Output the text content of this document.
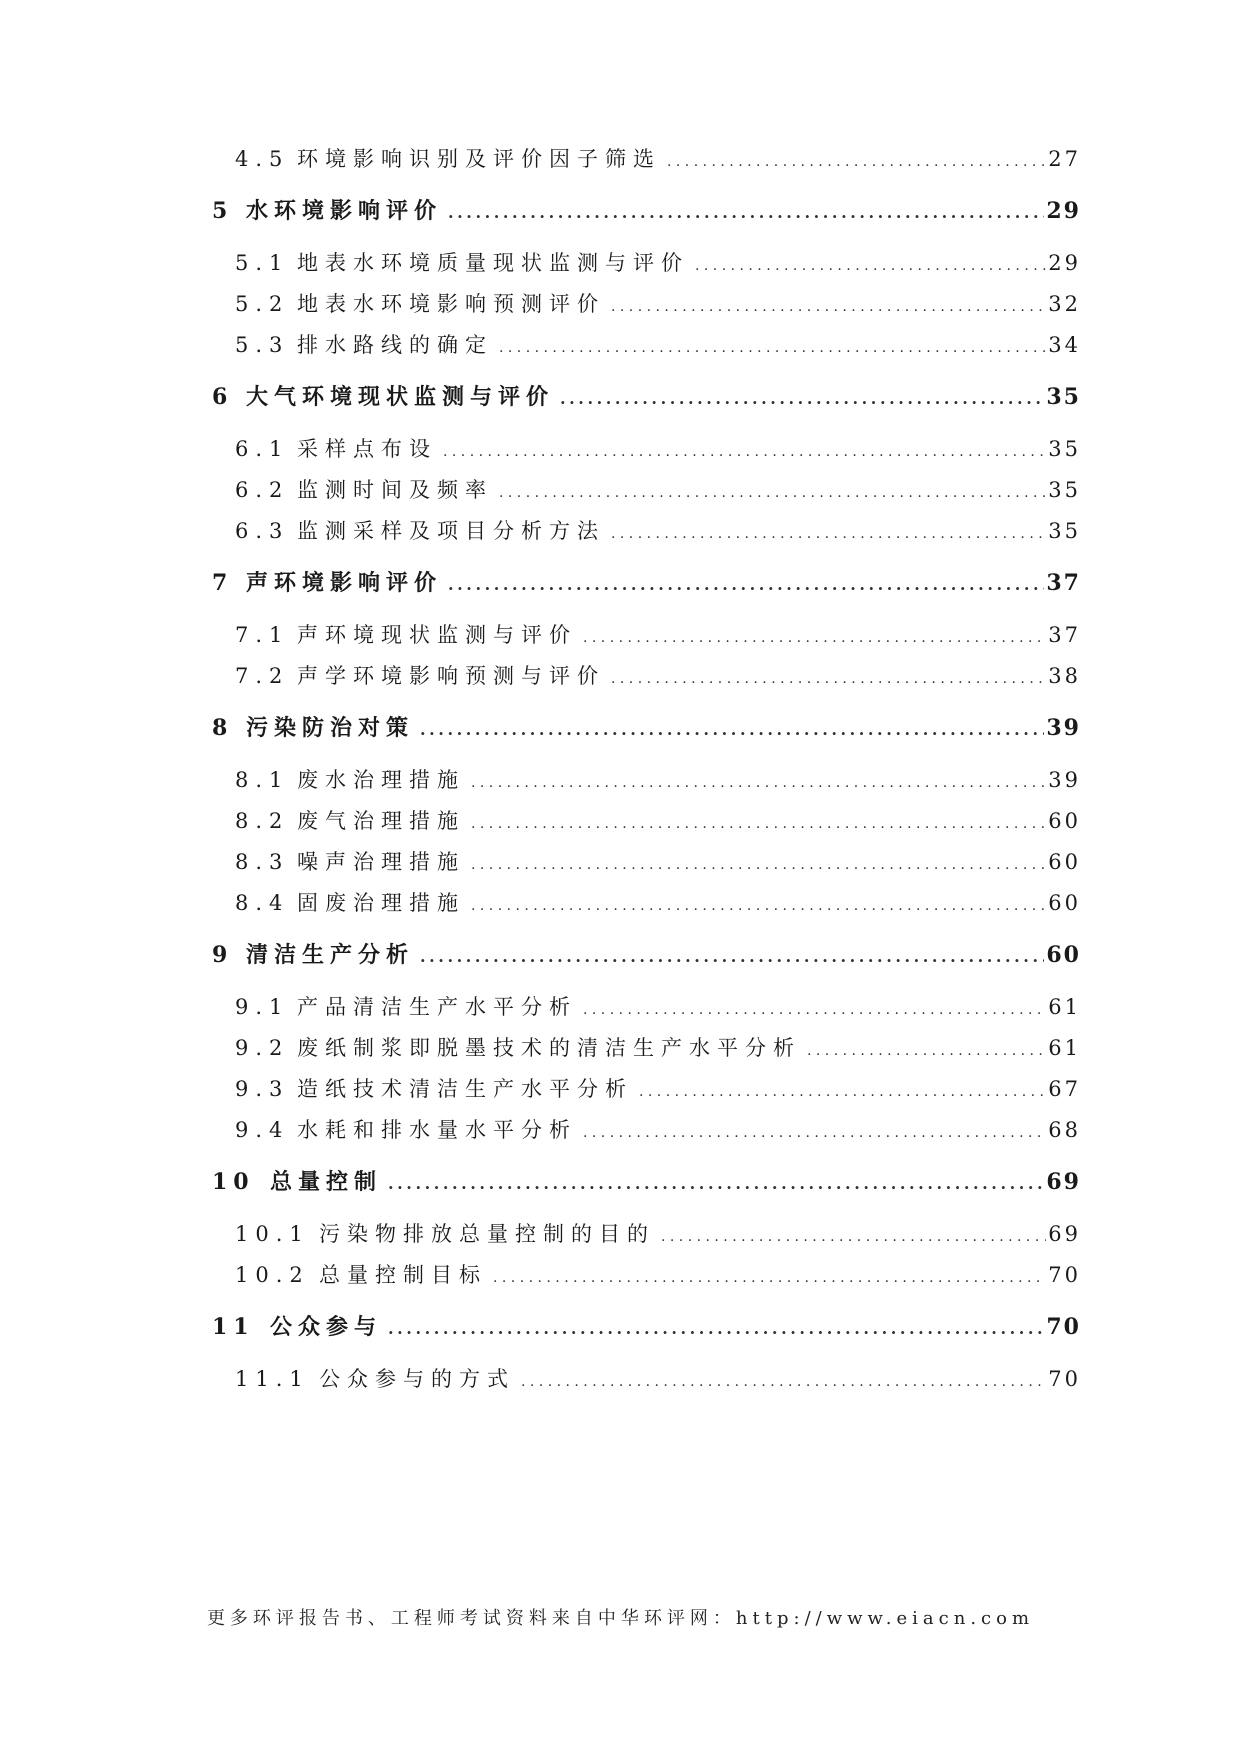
4.5 环境影响识别及评价因子筛选 . . .	27
5 水环境影响评价 . . .	29
5.1 地表水环境质量现状监测与评价 . . .	29
5.2 地表水环境影响预测评价 . . .	32
5.3 排水路线的确定 . . .	34
6 大气环境现状监测与评价 . . .	35
6.1 采样点布设 . . .	35
6.2 监测时间及频率 . . .	35
6.3 监测采样及项目分析方法 . . .	35
7 声环境影响评价 . . .	37
7.1 声环境现状监测与评价 . . .	37
7.2 声学环境影响预测与评价 . . .	38
8 污染防治对策 . . .	39
8.1 废水治理措施 . . .	39
8.2 废气治理措施 . . .	60
8.3 噪声治理措施 . . .	60
8.4 固废治理措施 . . .	60
9 清洁生产分析 . . .	60
9.1 产品清洁生产水平分析 . . .	61
9.2 废纸制浆即脱墨技术的清洁生产水平分析 . . .	61
9.3 造纸技术清洁生产水平分析 . . .	67
9.4 水耗和排水量水平分析 . . .	68
10 总量控制 . . .	69
10.1 污染物排放总量控制的目的 . . .	69
10.2 总量控制目标 . . .	70
11 公众参与 . . .	70
11.1 公众参与的方式 . . .	70
更多环评报告书、工程师考试资料来自中华环评网：http://www.eiacn.com
